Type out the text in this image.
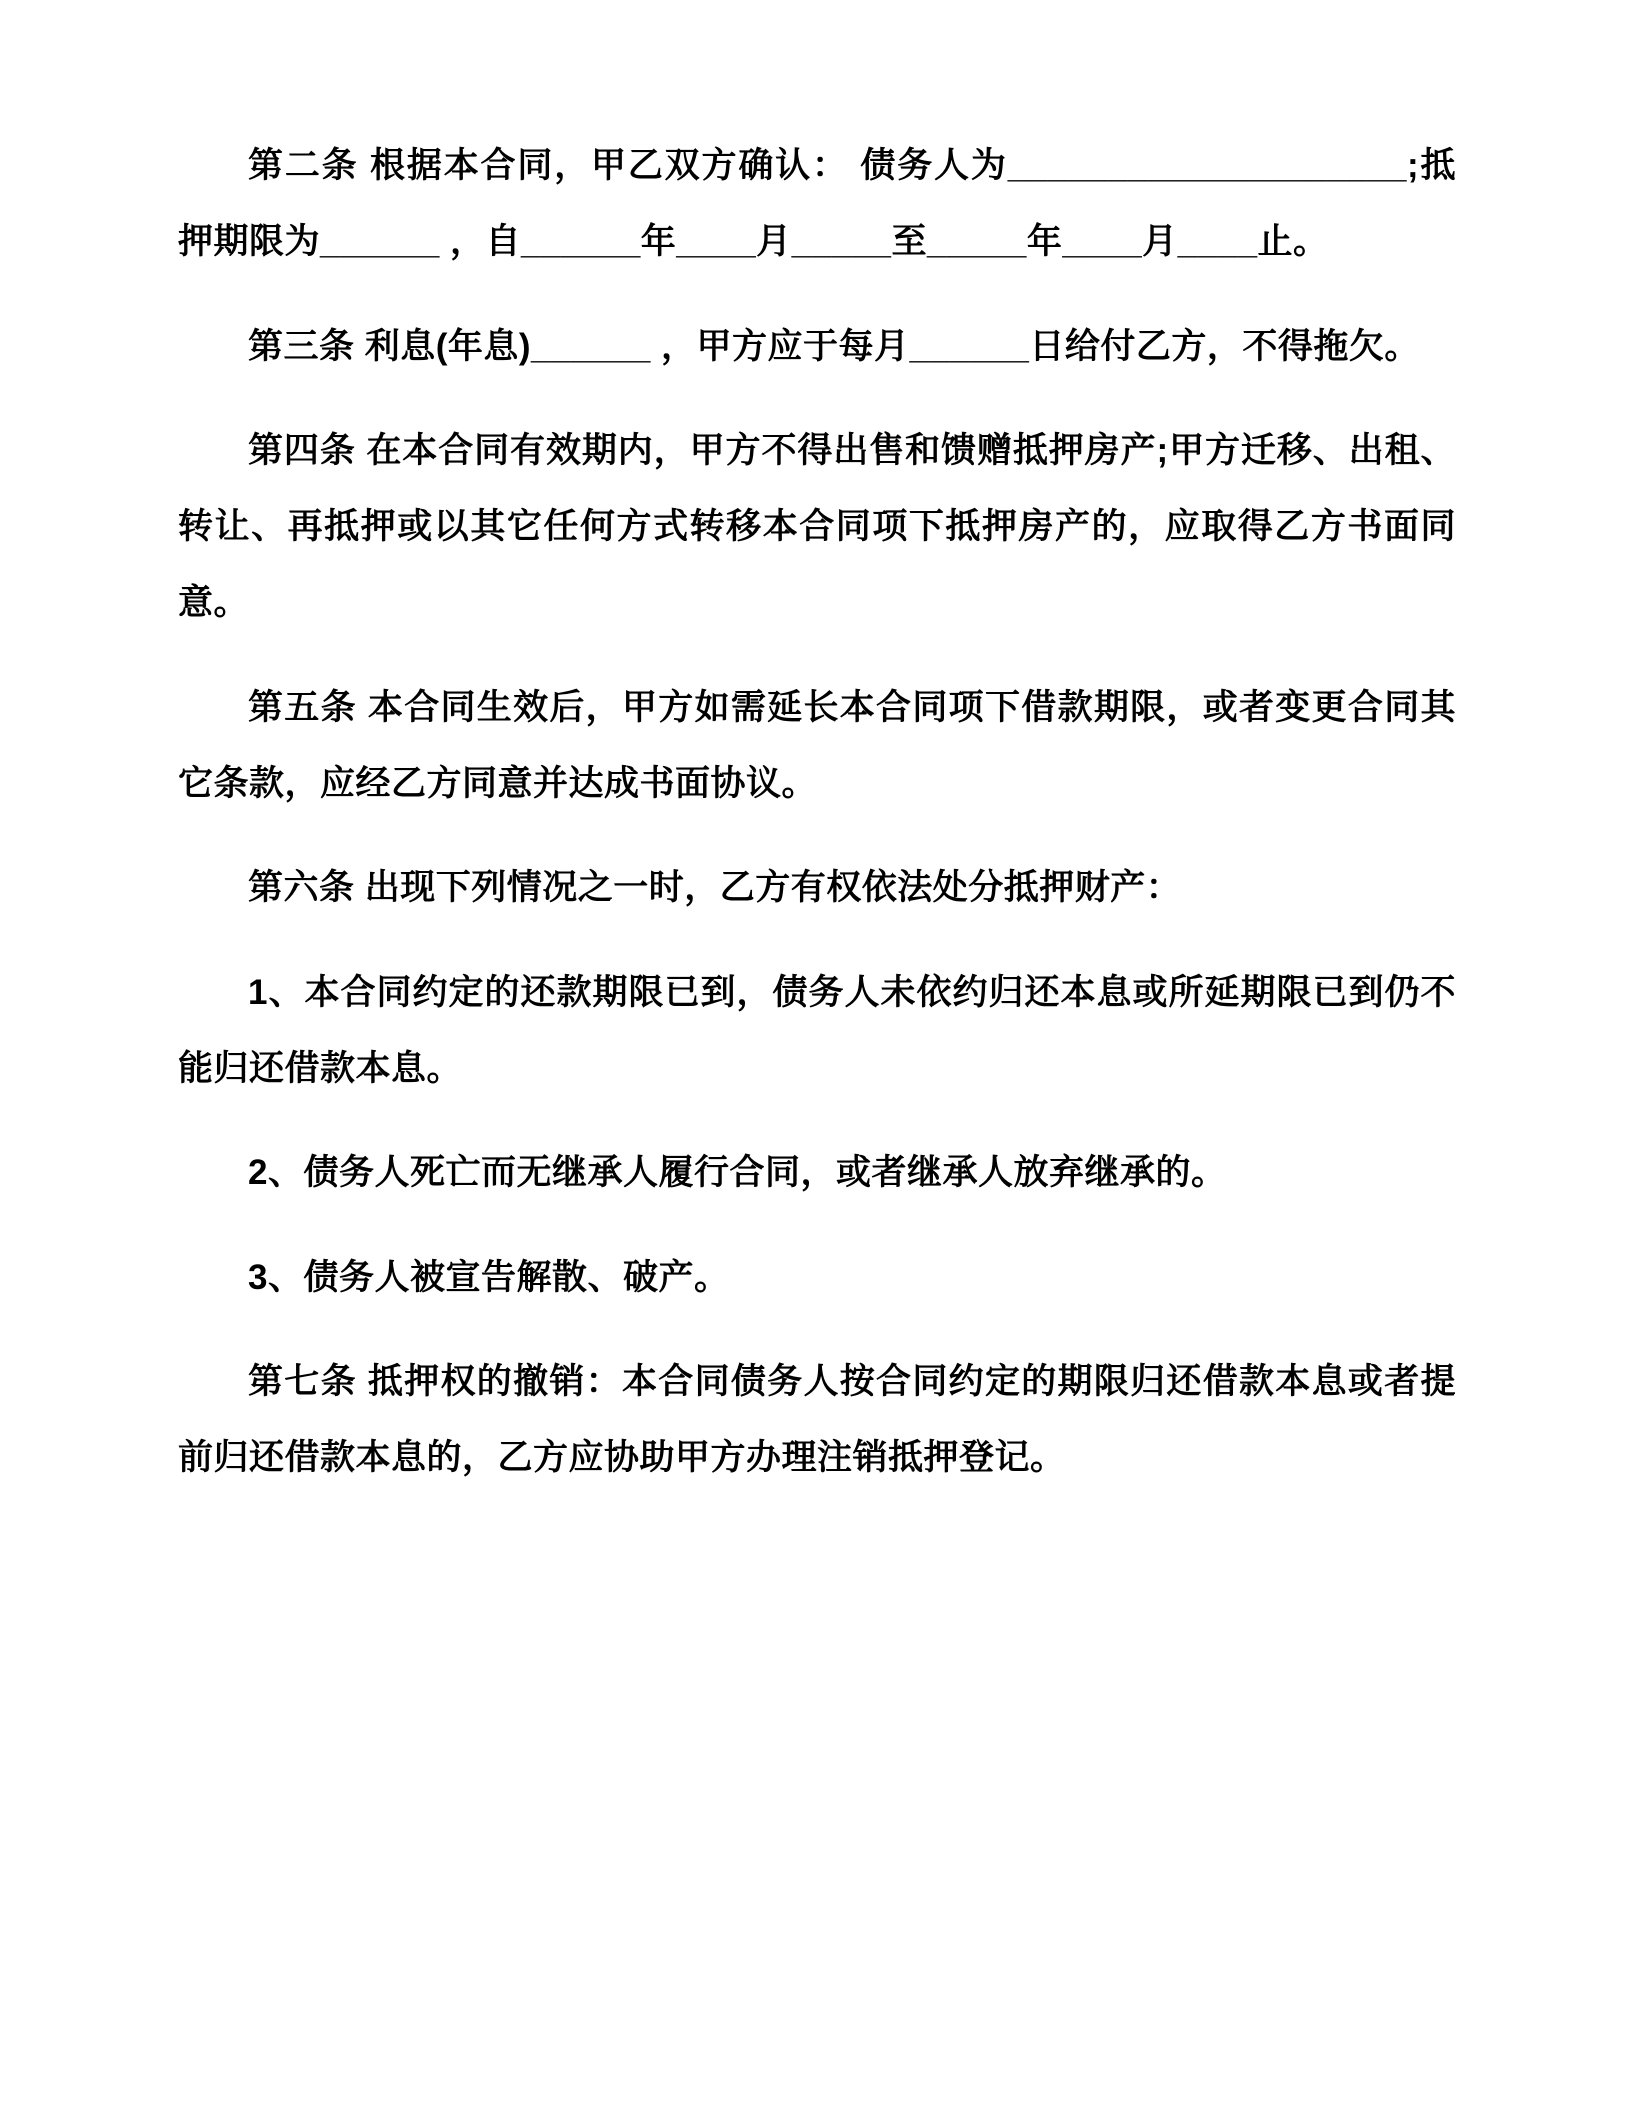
第二条 根据本合同，甲乙双方确认： 债务人为____________________;抵押期限为______ ，自______年____月_____至_____年____月____止。

第三条 利息(年息)______ ，甲方应于每月______日给付乙方，不得拖欠。

第四条 在本合同有效期内，甲方不得出售和馈赠抵押房产;甲方迁移、出租、转让、再抵押或以其它任何方式转移本合同项下抵押房产的，应取得乙方书面同意。

第五条 本合同生效后，甲方如需延长本合同项下借款期限，或者变更合同其它条款，应经乙方同意并达成书面协议。

第六条 出现下列情况之一时，乙方有权依法处分抵押财产：

1、本合同约定的还款期限已到，债务人未依约归还本息或所延期限已到仍不能归还借款本息。

2、债务人死亡而无继承人履行合同，或者继承人放弃继承的。

3、债务人被宣告解散、破产。

第七条 抵押权的撤销：本合同债务人按合同约定的期限归还借款本息或者提前归还借款本息的，乙方应协助甲方办理注销抵押登记。
